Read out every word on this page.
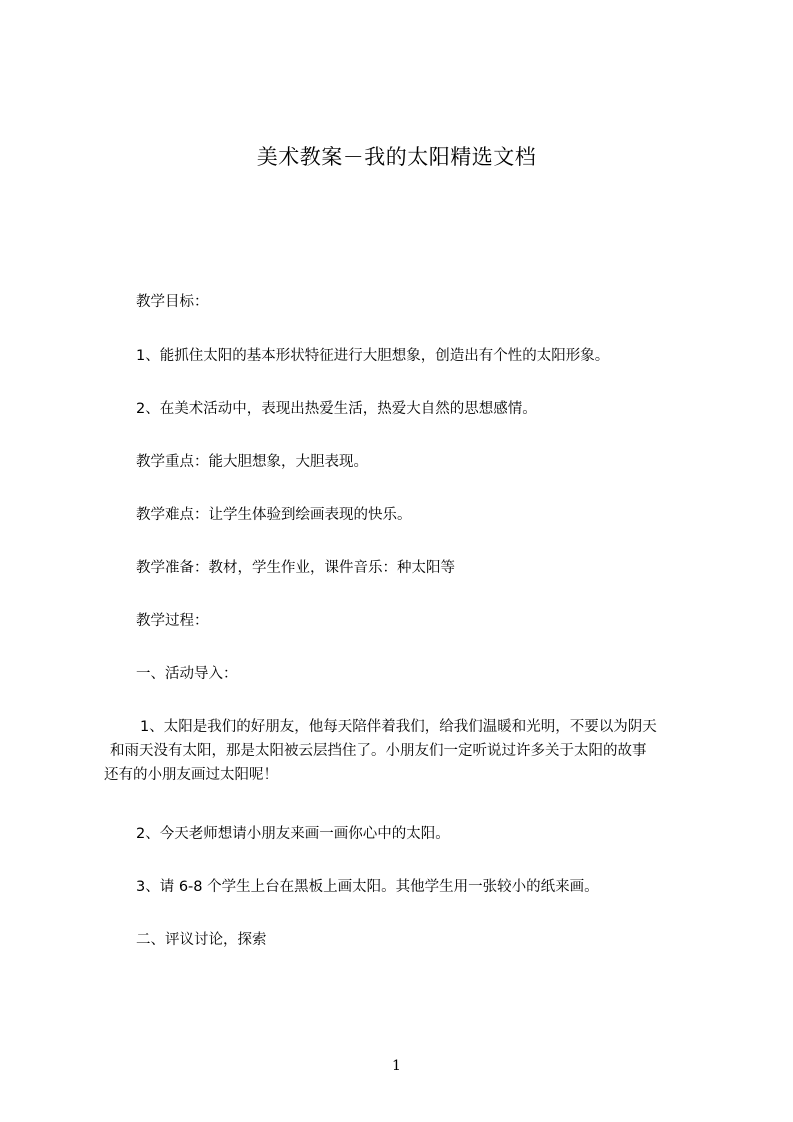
美术教案－我的太阳精选文档
教学目标：
1、能抓住太阳的基本形状特征进行大胆想象，创造出有个性的太阳形象。
2、在美术活动中，表现出热爱生活，热爱大自然的思想感情。
教学重点：能大胆想象，大胆表现。
教学难点：让学生体验到绘画表现的快乐。
教学准备：教材，学生作业，课件音乐：种太阳等
教学过程：
一、活动导入：
1、太阳是我们的好朋友，他每天陪伴着我们，给我们温暖和光明，不要以为阴天
和雨天没有太阳，那是太阳被云层挡住了。小朋友们一定听说过许多关于太阳的故事
还有的小朋友画过太阳呢！
2、今天老师想请小朋友来画一画你心中的太阳。
3、请 6-8 个学生上台在黑板上画太阳。其他学生用一张较小的纸来画。
二、评议讨论，探索
1
